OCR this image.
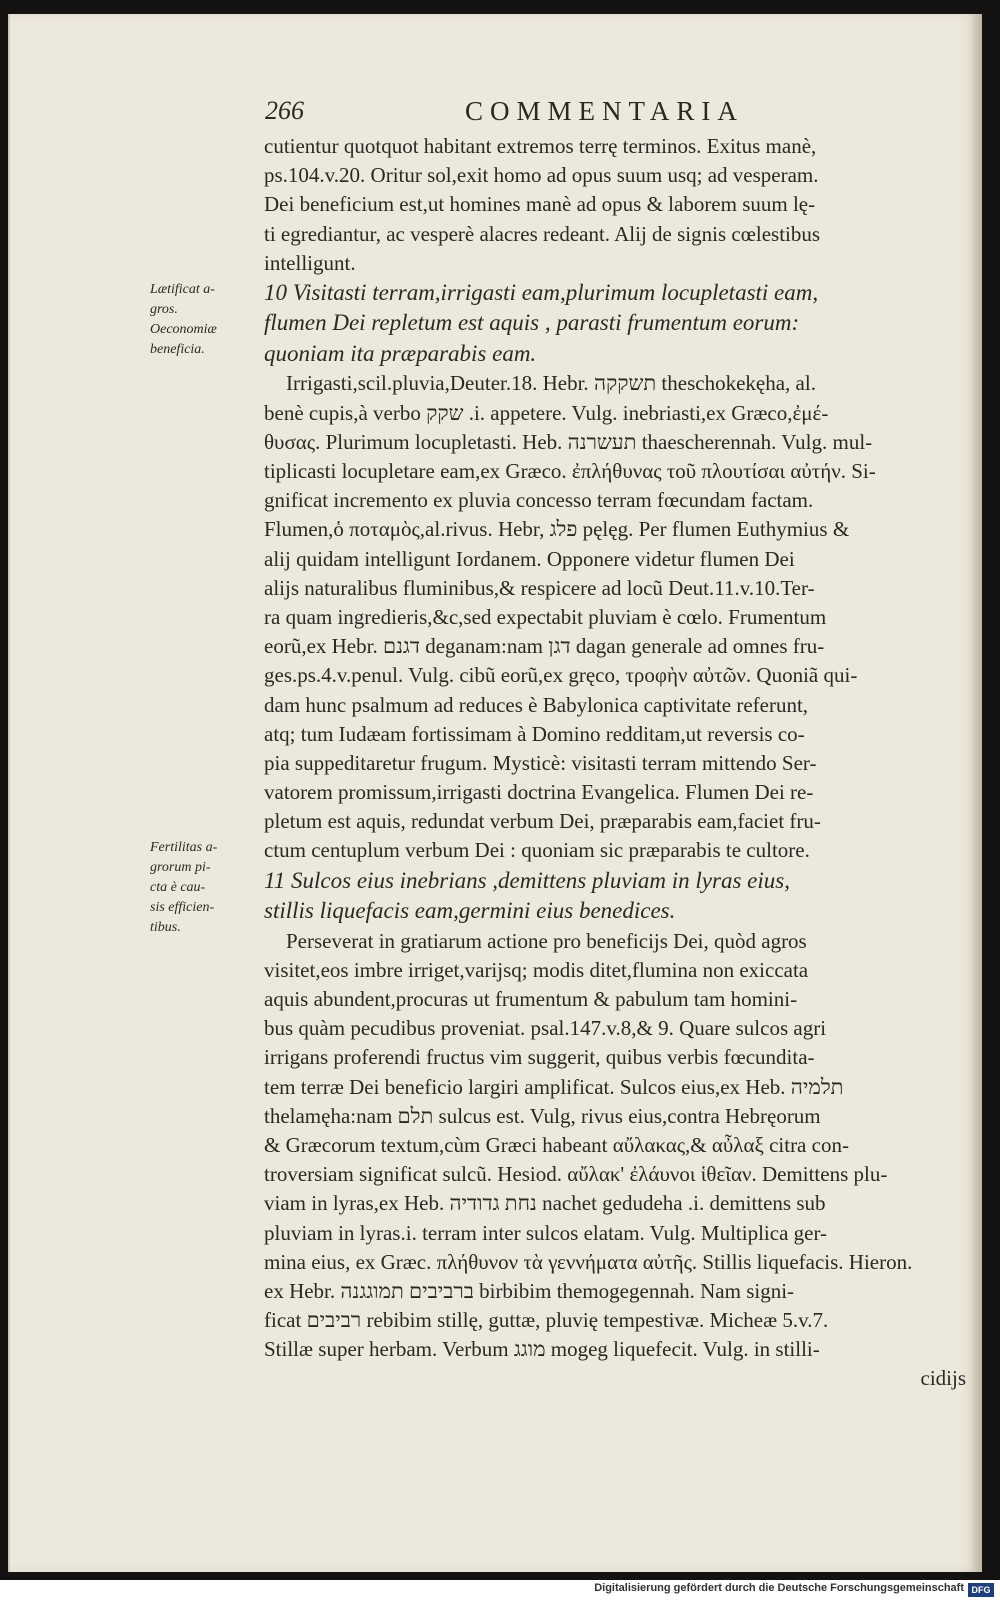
266	COMMENTARIA
Lætificat a-
gros.
Oeconomiæ
beneficia.
Fertilitas a-
grorum pi-
cta è cau-
sis efficien-
tibus.
cutientur quotquot habitant extremos terrę terminos. Exitus manè,
ps.104.v.20. Oritur sol,exit homo ad opus suum usq; ad vesperam.
Dei beneficium est,ut homines manè ad opus & laborem suum lę-
ti egrediantur, ac vesperè alacres redeant. Alij de signis cœlestibus
intelligunt.
10 Visitasti terram,irrigasti eam,plurimum locupletasti eam,
flumen Dei repletum est aquis , parasti frumentum eorum:
quoniam ita præparabis eam.
Irrigasti,scil.pluvia,Deuter.18. Hebr. תשקקה theschokekęha, al.
benè cupis,à verbo שקק .i. appetere. Vulg. inebriasti,ex Græco,ἐμέ-
θυσας. Plurimum locupletasti. Heb. תעשרנה thaescherennah. Vulg. mul-
tiplicasti locupletare eam,ex Græco. ἐπλήθυνας τοῦ πλουτίσαι αὐτήν. Si-
gnificat incremento ex pluvia concesso terram fœcundam factam.
Flumen,ὁ ποταμὸς,al.rivus. Hebr, פלג pęlęg. Per flumen Euthymius &
alij quidam intelligunt Iordanem. Opponere videtur flumen Dei
alijs naturalibus fluminibus,& respicere ad locũ Deut.11.v.10.Ter-
ra quam ingredieris,&c,sed expectabit pluviam è cœlo. Frumentum
eorũ,ex Hebr. דגנם deganam:nam דגן dagan generale ad omnes fru-
ges.ps.4.v.penul. Vulg. cibũ eorũ,ex gręco, τροφὴν αὐτῶν. Quoniã qui-
dam hunc psalmum ad reduces è Babylonica captivitate referunt,
atq; tum Iudæam fortissimam à Domino redditam,ut reversis co-
pia suppeditaretur frugum. Mysticè: visitasti terram mittendo Ser-
vatorem promissum,irrigasti doctrina Evangelica. Flumen Dei re-
pletum est aquis, redundat verbum Dei, præparabis eam,faciet fru-
ctum centuplum verbum Dei : quoniam sic præparabis te cultore.
11 Sulcos eius inebrians ,demittens pluviam in lyras eius,
stillis liquefacis eam,germini eius benedices.
Perseverat in gratiarum actione pro beneficijs Dei, quòd agros
visitet,eos imbre irriget,varijsq; modis ditet,flumina non exiccata
aquis abundent,procuras ut frumentum & pabulum tam homini-
bus quàm pecudibus proveniat. psal.147.v.8,& 9. Quare sulcos agri
irrigans proferendi fructus vim suggerit, quibus verbis fœcundita-
tem terræ Dei beneficio largiri amplificat. Sulcos eius,ex Heb. תלמיה
thelamęha:nam תלם sulcus est. Vulg, rivus eius,contra Hebręorum
& Græcorum textum,cùm Græci habeant αὔλακας,& αὖλαξ citra con-
troversiam significat sulcũ. Hesiod. αὔλακ' ἐλάυνοι ἱθεῖαν. Demittens plu-
viam in lyras,ex Heb. נחת גדודיה nachet gedudeha .i. demittens sub
pluviam in lyras.i. terram inter sulcos elatam. Vulg. Multiplica ger-
mina eius, ex Græc. πλήθυνον τὰ γεννήματα αὐτῆς. Stillis liquefacis. Hieron.
ex Hebr. ברביבים תמוגגנה birbibim themogegennah. Nam signi-
ficat רביבים rebibim stillę, guttæ, pluvię tempestivæ. Micheæ 5.v.7.
Stillæ super herbam. Verbum מוגג mogeg liquefecit. Vulg. in stilli-
cidijs
Digitalisierung gefördert durch die Deutsche Forschungsgemeinschaft DFG
